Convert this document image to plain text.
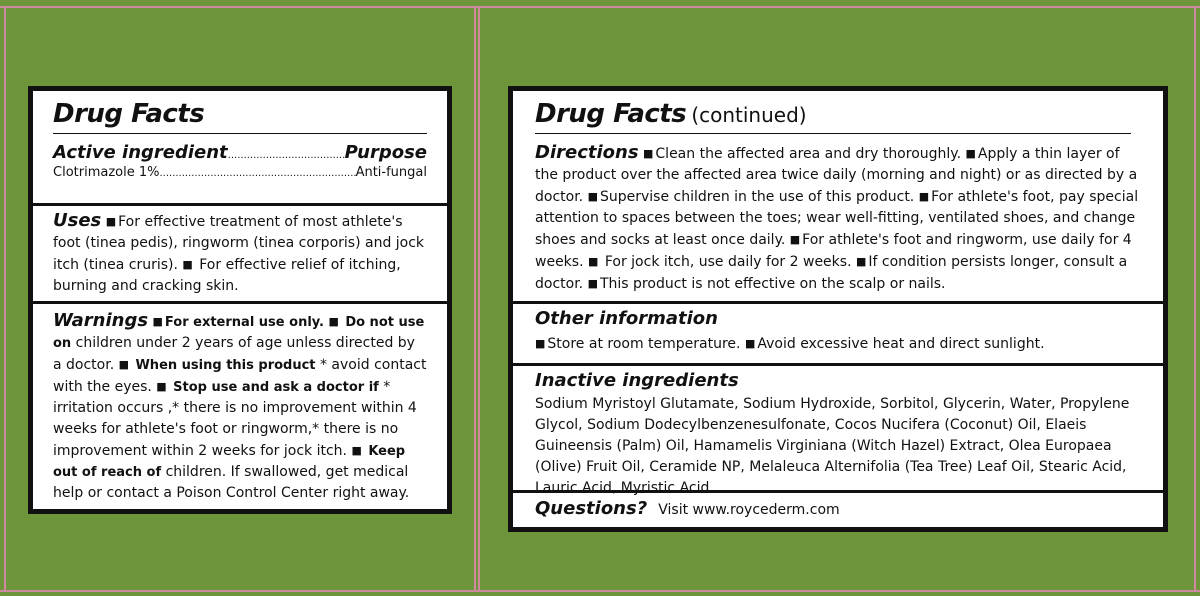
Drug Facts
Active ingredient .....	Purpose
Clotrimazole 1% .....	Anti-fungal
Uses ■ For effective treatment of most athlete's foot (tinea pedis), ringworm (tinea corporis) and jock itch (tinea cruris). ■ For effective relief of itching, burning and cracking skin.
Warnings ■ For external use only. ■ Do not use on children under 2 years of age unless directed by a doctor. ■ When using this product * avoid contact with the eyes. ■ Stop use and ask a doctor if * irritation occurs ,* there is no improvement within 4 weeks for athlete's foot or ringworm,* there is no improvement within 2 weeks for jock itch. ■ Keep out of reach of children. If swallowed, get medical help or contact a Poison Control Center right away.
Drug Facts (continued)
Directions ■ Clean the affected area and dry thoroughly. ■ Apply a thin layer of the product over the affected area twice daily (morning and night) or as directed by a doctor. ■ Supervise children in the use of this product. ■ For athlete's foot, pay special attention to spaces between the toes; wear well-fitting, ventilated shoes, and change shoes and socks at least once daily. ■ For athlete's foot and ringworm, use daily for 4 weeks. ■ For jock itch, use daily for 2 weeks. ■ If condition persists longer, consult a doctor. ■ This product is not effective on the scalp or nails.
Other information
■ Store at room temperature. ■ Avoid excessive heat and direct sunlight.
Inactive ingredients
Sodium Myristoyl Glutamate, Sodium Hydroxide, Sorbitol, Glycerin, Water, Propylene Glycol, Sodium Dodecylbenzenesulfonate, Cocos Nucifera (Coconut) Oil, Elaeis Guineensis (Palm) Oil, Hamamelis Virginiana (Witch Hazel) Extract, Olea Europaea (Olive) Fruit Oil, Ceramide NP, Melaleuca Alternifolia (Tea Tree) Leaf Oil, Stearic Acid, Lauric Acid, Myristic Acid
Questions? Visit www.roycederm.com
